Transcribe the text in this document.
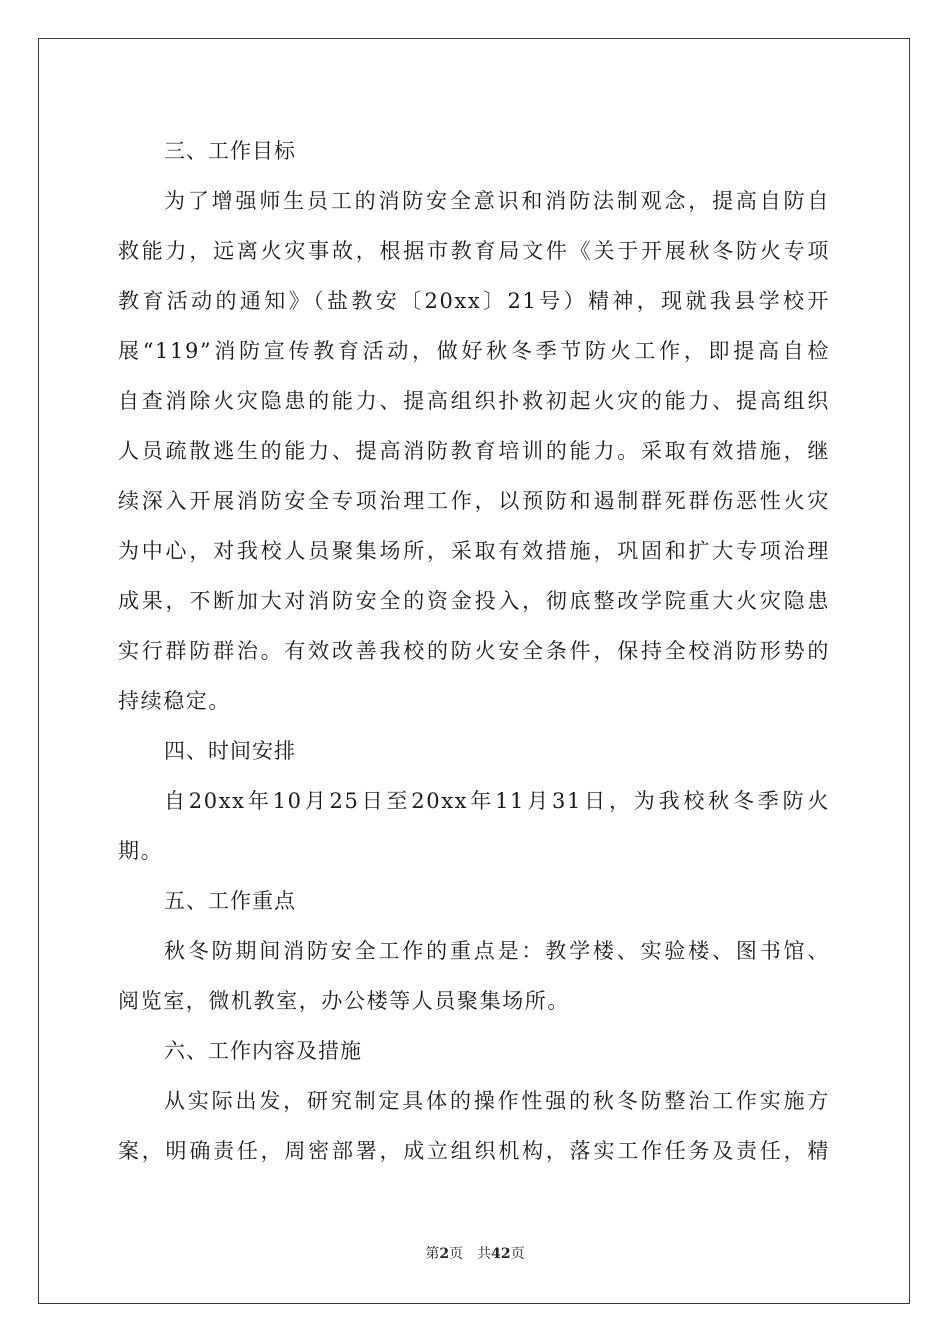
三、工作目标
为了增强师生员工的消防安全意识和消防法制观念，提高自防自
救能力，远离火灾事故，根据市教育局文件《关于开展秋冬防火专项
教育活动的通知》（盐教安〔20xx〕21号）精神，现就我县学校开
展“119”消防宣传教育活动，做好秋冬季节防火工作，即提高自检
自查消除火灾隐患的能力、提高组织扑救初起火灾的能力、提高组织
人员疏散逃生的能力、提高消防教育培训的能力。采取有效措施，继
续深入开展消防安全专项治理工作，以预防和遏制群死群伤恶性火灾
为中心，对我校人员聚集场所，采取有效措施，巩固和扩大专项治理
成果，不断加大对消防安全的资金投入，彻底整改学院重大火灾隐患
实行群防群治。有效改善我校的防火安全条件，保持全校消防形势的
持续稳定。
四、时间安排
自20xx年10月25日至20xx年11月31日，为我校秋冬季防火
期。
五、工作重点
秋冬防期间消防安全工作的重点是：教学楼、实验楼、图书馆、
阅览室，微机教室，办公楼等人员聚集场所。
六、工作内容及措施
从实际出发，研究制定具体的操作性强的秋冬防整治工作实施方
案，明确责任，周密部署，成立组织机构，落实工作任务及责任，精
第2页　共42页
